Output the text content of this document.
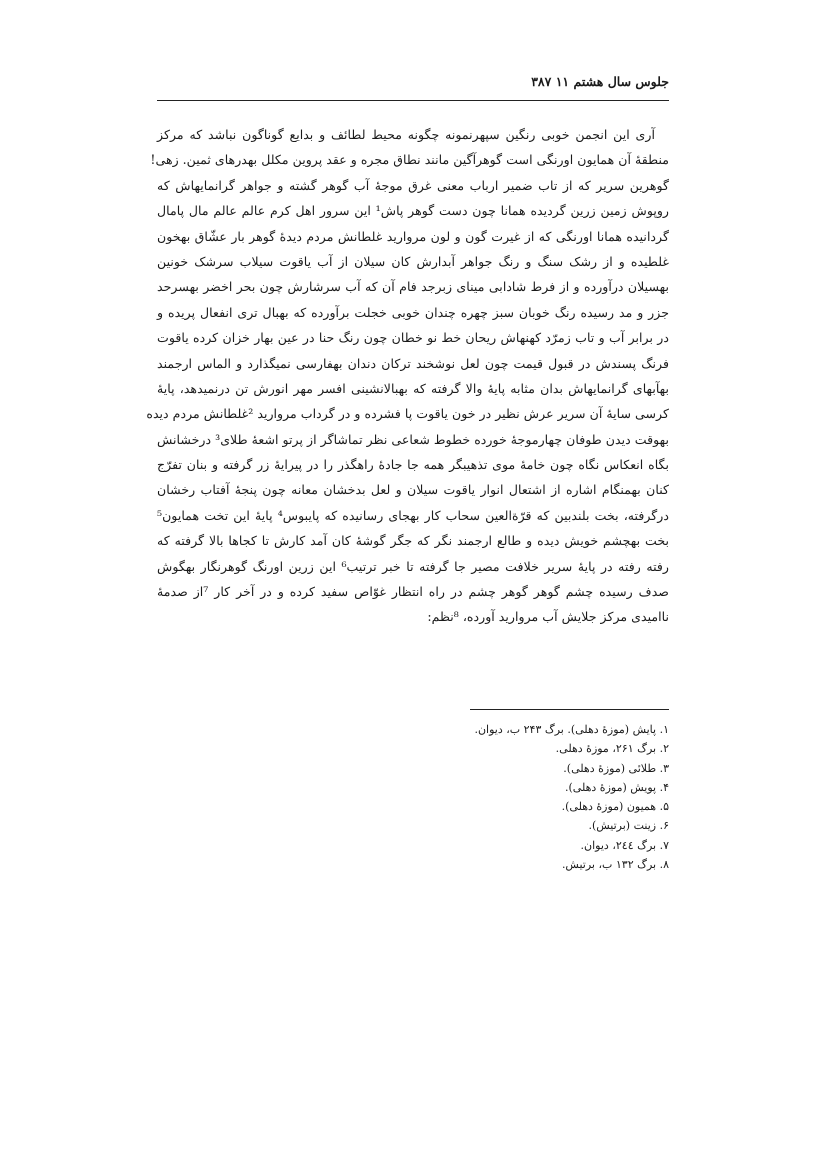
جلوس سال هشتم ۱۱ ۳۸۷
آری این انجمن خوبی رنگین سپهرنمونه چگونه محیط لطائف و بدایع گوناگون نباشد که مرکز
منطقهٔ آن همایون اورنگی است گوهرآگین مانند نطاق مجره و عقد پروین مکلل بهدرهای ثمین. زهی!
گوهرین سریر که از تاب ضمیر ارباب معنی غرق موجهٔ آب گوهر گشته و جواهر گرانمایهاش که
روپوش زمین زرین گردیده همانا چون دست گوهر پاش¹ این سرور اهل کرم عالم عالم مال پامال
گردانیده همانا اورنگی که از غیرت گون و لون مروارید غلطانش مردم دیدهٔ گوهر بار عشّاق بهخون
غلطیده و از رشک سنگ و رنگ جواهر آبدارش کان سیلان از آب یاقوت سیلاب سرشک خونین
بهسیلان درآورده و از فرط شادابی مینای زبرجد فام آن که آب سرشارش چون بحر اخضر بهسرحد
جزر و مد رسیده رنگ خوبان سبز چهره چندان خوبی خجلت برآورده که بهبال تری انفعال پریده و
در برابر آب و تاب زمرّد کهنهاش ریحان خط نو خطان چون رنگ حنا در عین بهار خزان کرده یاقوت
فرنگ پسندش در قبول قیمت چون لعل نوشخند ترکان دندان بهفارسی نمیگذارد و الماس ارجمند
بهآبهای گرانمایهاش بدان مثابه پایهٔ والا گرفته که بهبالانشینی افسر مهر انورش تن درنمیدهد، پایهٔ
کرسی سایهٔ آن سریر عرش نظیر در خون یاقوت پا فشرده و در گرداب مروارید ²غلطانش مردم دیده
بهوقت دیدن طوفان چهارموجهٔ خورده خطوط شعاعی نظر تماشاگر از پرتو اشعهٔ طلای³ درخشانش
بگاه انعکاس نگاه چون خامهٔ موی تذهیبگر همه جا جادهٔ راهگذر را در پیرایهٔ زر گرفته و بنان تفرّج
کنان بهمنگام اشاره از اشتعال انوار یاقوت سیلان و لعل بدخشان معانه چون پنجهٔ آفتاب رخشان
درگرفته، بخت بلندبین که قرّةالعین سحاب کار بهجای رسانیده که پایبوس⁴ پایهٔ این تخت همایون⁵
بخت بهچشم خویش دیده و طالع ارجمند نگر که جگر گوشهٔ کان آمد کارش تا کجاها بالا گرفته که
رفته رفته در پایهٔ سریر خلافت مصیر جا گرفته تا خبر ترتیب⁶ این زرین اورنگ گوهرنگار بهگوش
صدف رسیده چشم گوهر گوهر چشم در راه انتظار غوّاص سفید کرده و در آخر کار ⁷از صدمهٔ
ناامیدی مرکز جلایش آب مروارید آورده، ⁸نظم:
۱. پایش (موزهٔ دهلی). برگ ۲۴۳ ب، دیوان.
۲. برگ ۲۶۱، موزهٔ دهلی.
۳. طلائی (موزهٔ دهلی).
۴. پویش (موزهٔ دهلی).
۵. همیون (موزهٔ دهلی).
۶. زینت (برتیش).
۷. برگ ۲٤٤، دیوان.
۸. برگ ۱۳۲ ب، برتیش.
